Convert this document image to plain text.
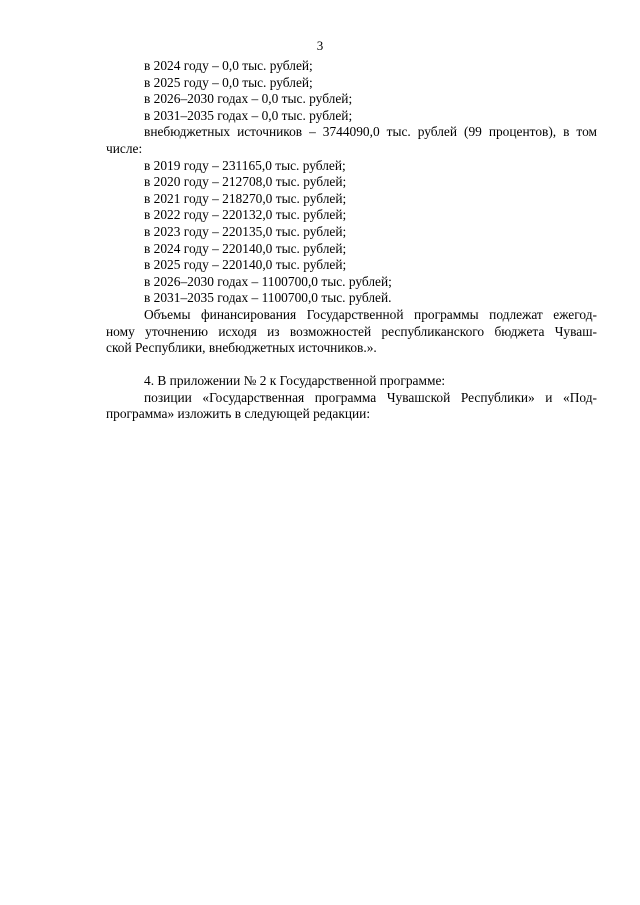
3
в 2024 году – 0,0 тыс. рублей;
в 2025 году – 0,0 тыс. рублей;
в 2026–2030 годах – 0,0 тыс. рублей;
в 2031–2035 годах – 0,0 тыс. рублей;
внебюджетных источников – 3744090,0 тыс. рублей (99 процентов), в том
числе:
в 2019 году – 231165,0 тыс. рублей;
в 2020 году – 212708,0 тыс. рублей;
в 2021 году – 218270,0 тыс. рублей;
в 2022 году – 220132,0 тыс. рублей;
в 2023 году – 220135,0 тыс. рублей;
в 2024 году – 220140,0 тыс. рублей;
в 2025 году – 220140,0 тыс. рублей;
в 2026–2030 годах – 1100700,0 тыс. рублей;
в 2031–2035 годах – 1100700,0 тыс. рублей.
Объемы финансирования Государственной программы подлежат ежегод-
ному уточнению исходя из возможностей республиканского бюджета Чуваш-
ской Республики, внебюджетных источников.».
4. В приложении № 2 к Государственной программе:
позиции «Государственная программа Чувашской Республики» и «Под-
программа» изложить в следующей редакции:
